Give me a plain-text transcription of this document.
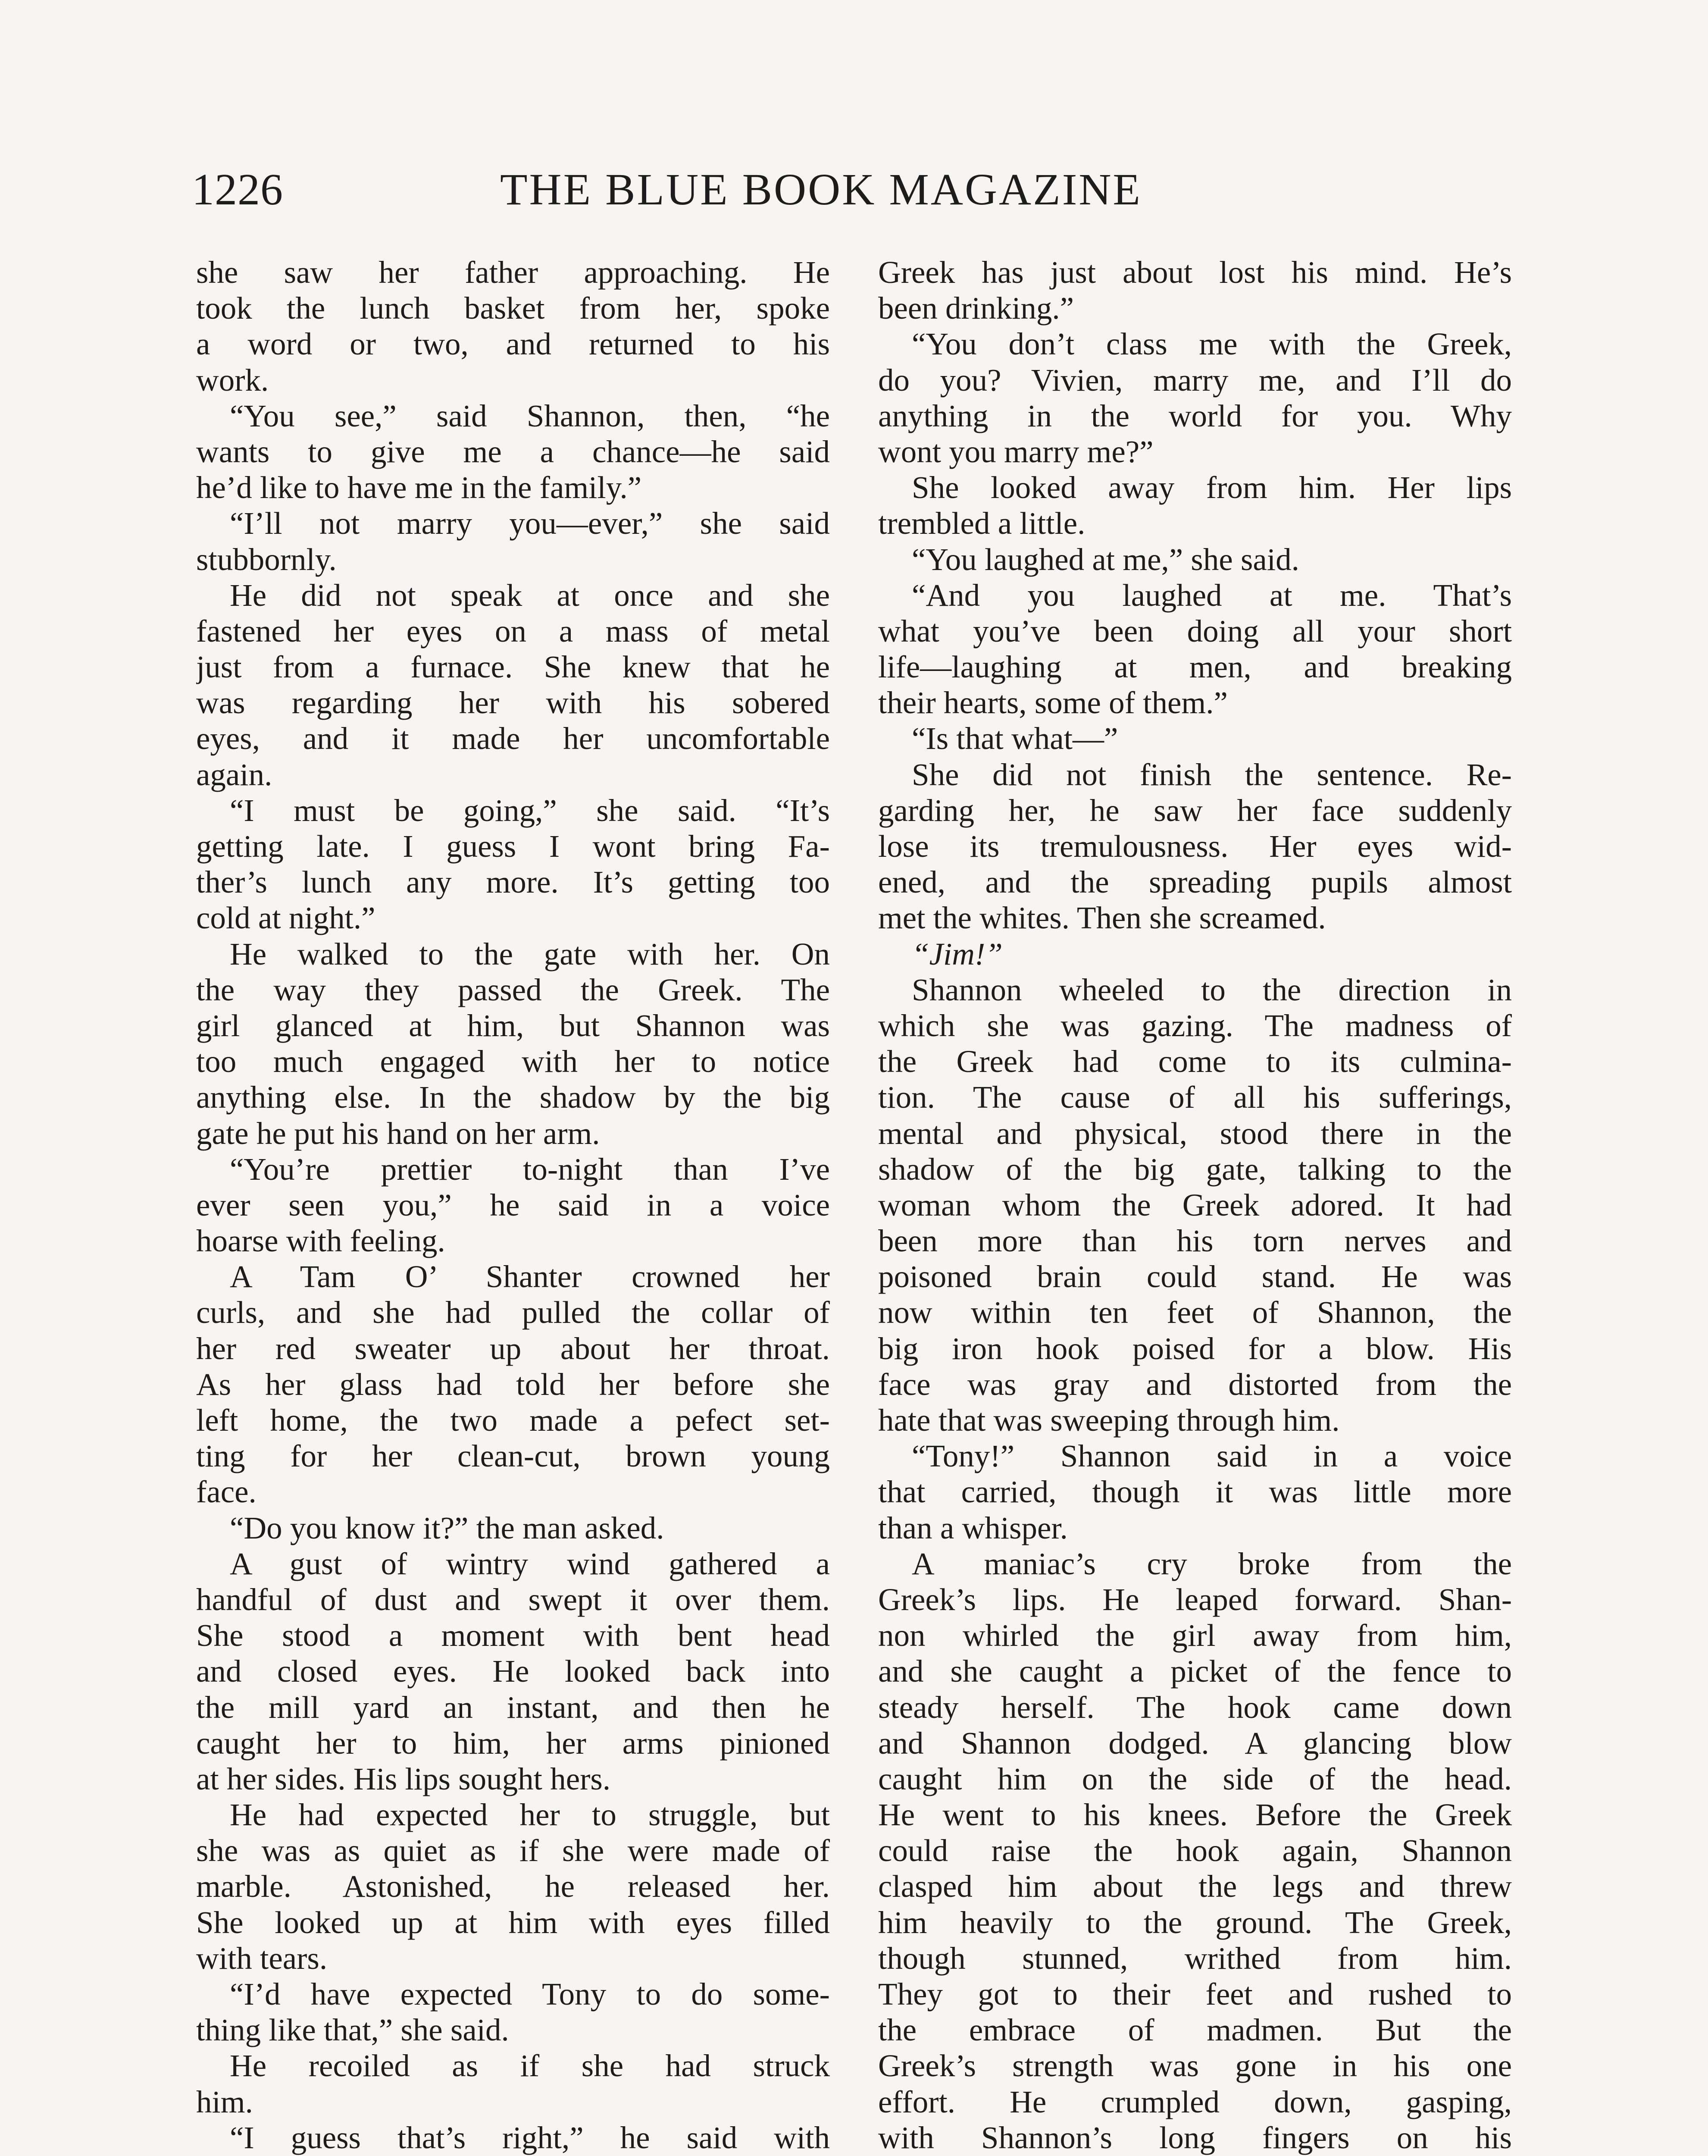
1226	THE BLUE BOOK MAGAZINE
she saw her father approaching. He
took the lunch basket from her, spoke
a word or two, and returned to his
work.
“You see,” said Shannon, then, “he
wants to give me a chance—he said
he’d like to have me in the family.”
“I’ll not marry you—ever,” she said
stubbornly.
He did not speak at once and she
fastened her eyes on a mass of metal
just from a furnace. She knew that he
was regarding her with his sobered
eyes, and it made her uncomfortable
again.
“I must be going,” she said. “It’s
getting late. I guess I wont bring Fa-
ther’s lunch any more. It’s getting too
cold at night.”
He walked to the gate with her. On
the way they passed the Greek. The
girl glanced at him, but Shannon was
too much engaged with her to notice
anything else. In the shadow by the big
gate he put his hand on her arm.
“You’re prettier to-night than I’ve
ever seen you,” he said in a voice
hoarse with feeling.
A Tam O’ Shanter crowned her
curls, and she had pulled the collar of
her red sweater up about her throat.
As her glass had told her before she
left home, the two made a pefect set-
ting for her clean-cut, brown young
face.
“Do you know it?” the man asked.
A gust of wintry wind gathered a
handful of dust and swept it over them.
She stood a moment with bent head
and closed eyes. He looked back into
the mill yard an instant, and then he
caught her to him, her arms pinioned
at her sides. His lips sought hers.
He had expected her to struggle, but
she was as quiet as if she were made of
marble. Astonished, he released her.
She looked up at him with eyes filled
with tears.
“I’d have expected Tony to do some-
thing like that,” she said.
He recoiled as if she had struck
him.
“I guess that’s right,” he said with
Greek has just about lost his mind. He’s
been drinking.”
“You don’t class me with the Greek,
do you? Vivien, marry me, and I’ll do
anything in the world for you. Why
wont you marry me?”
She looked away from him. Her lips
trembled a little.
“You laughed at me,” she said.
“And you laughed at me. That’s
what you’ve been doing all your short
life—laughing at men, and breaking
their hearts, some of them.”
“Is that what—”
She did not finish the sentence. Re-
garding her, he saw her face suddenly
lose its tremulousness. Her eyes wid-
ened, and the spreading pupils almost
met the whites. Then she screamed.
“Jim!”
Shannon wheeled to the direction in
which she was gazing. The madness of
the Greek had come to its culmina-
tion. The cause of all his sufferings,
mental and physical, stood there in the
shadow of the big gate, talking to the
woman whom the Greek adored. It had
been more than his torn nerves and
poisoned brain could stand. He was
now within ten feet of Shannon, the
big iron hook poised for a blow. His
face was gray and distorted from the
hate that was sweeping through him.
“Tony!” Shannon said in a voice
that carried, though it was little more
than a whisper.
A maniac’s cry broke from the
Greek’s lips. He leaped forward. Shan-
non whirled the girl away from him,
and she caught a picket of the fence to
steady herself. The hook came down
and Shannon dodged. A glancing blow
caught him on the side of the head.
He went to his knees. Before the Greek
could raise the hook again, Shannon
clasped him about the legs and threw
him heavily to the ground. The Greek,
though stunned, writhed from him.
They got to their feet and rushed to
the embrace of madmen. But the
Greek’s strength was gone in his one
effort. He crumpled down, gasping,
with Shannon’s long fingers on his
